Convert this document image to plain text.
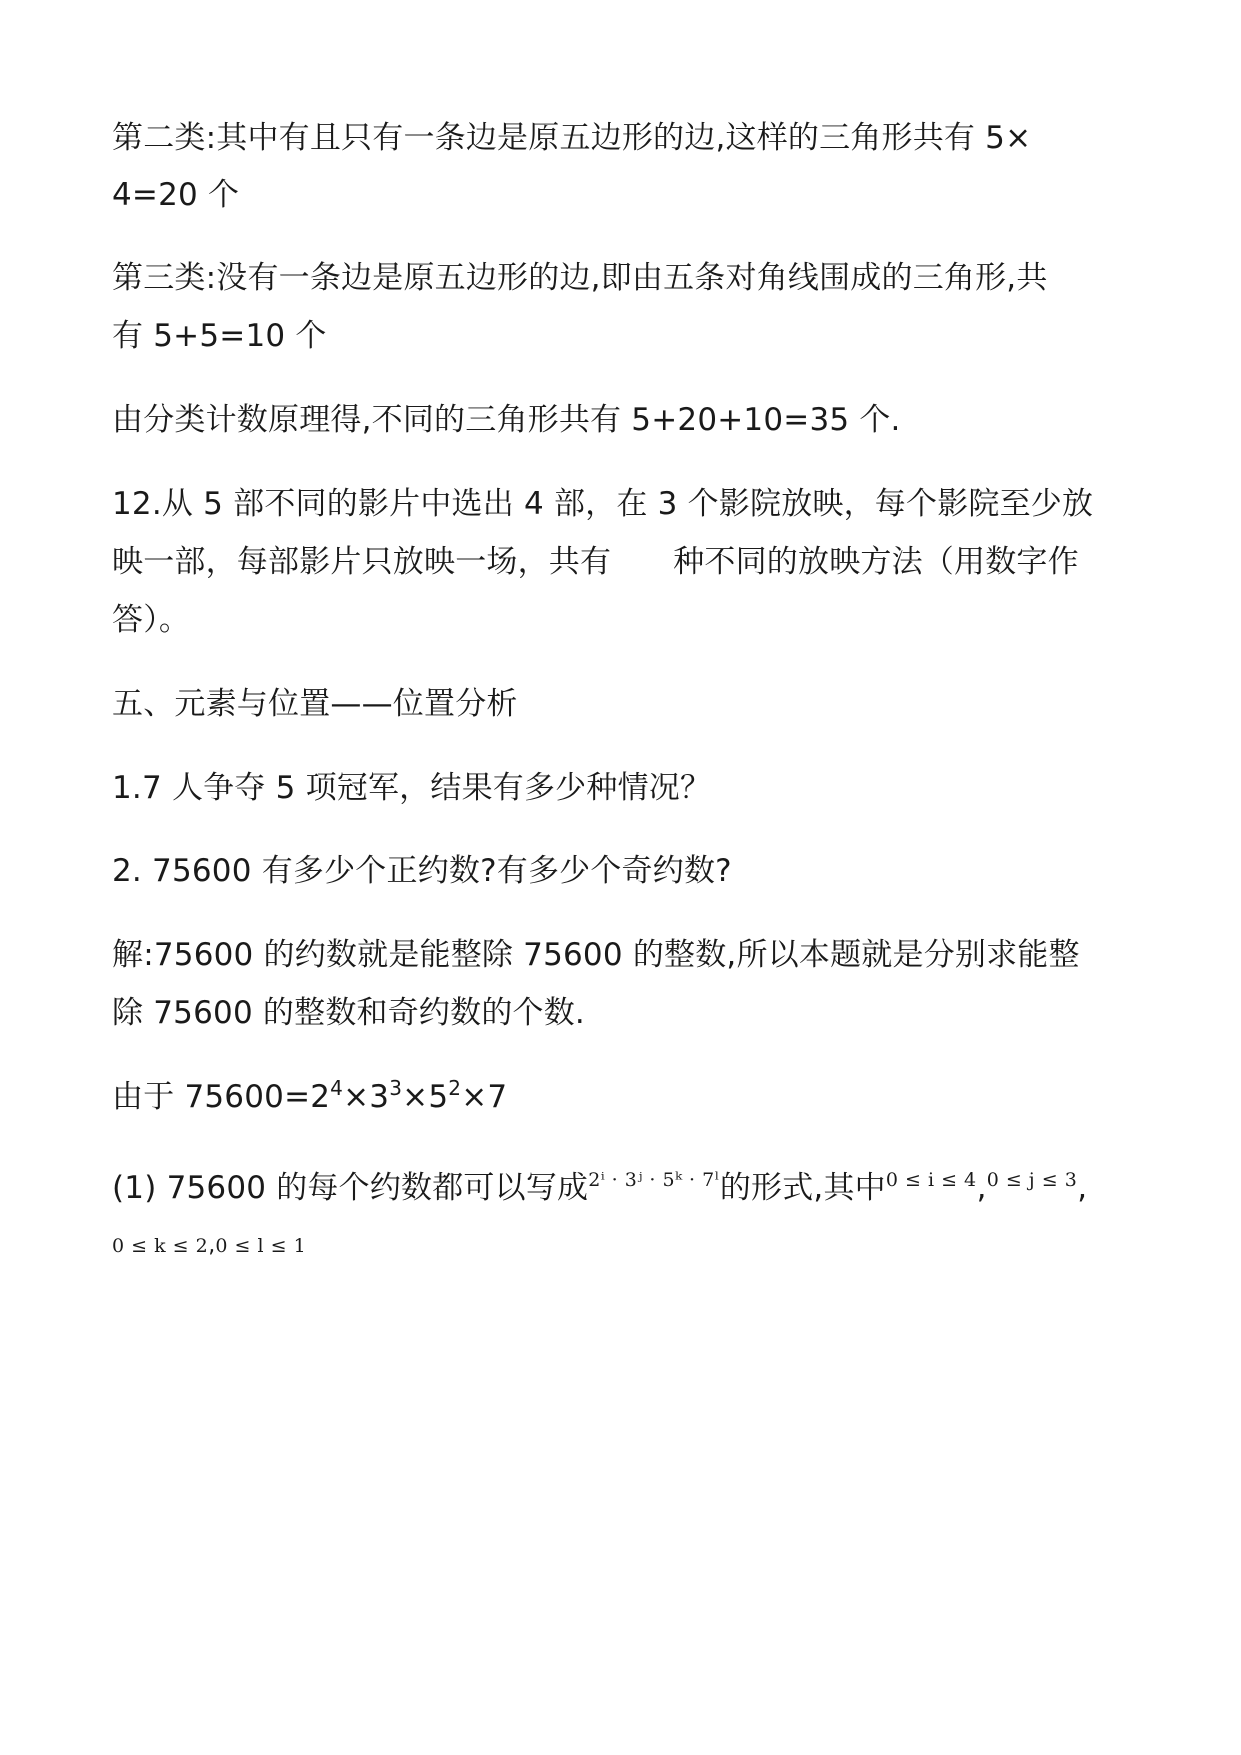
第二类:其中有且只有一条边是原五边形的边,这样的三角形共有 5×
4=20 个
第三类:没有一条边是原五边形的边,即由五条对角线围成的三角形,共
有 5+5=10 个
由分类计数原理得,不同的三角形共有 5+20+10=35 个.
12.从 5 部不同的影片中选出 4 部，在 3 个影院放映，每个影院至少放
映一部，每部影片只放映一场，共有 种不同的放映方法（用数字作
答）。
五、元素与位置——位置分析
1.7 人争夺 5 项冠军，结果有多少种情况？
2. 75600 有多少个正约数?有多少个奇约数?
解:75600 的约数就是能整除 75600 的整数,所以本题就是分别求能整
除 75600 的整数和奇约数的个数.
由于 $75600=2^4\times 3^3\times 5^2\times 7$
(1) 75600 的每个约数都可以写成$^{2^i \cdot 3ʲ \cdot 5ᵏ \cdot 7ˡ}$的形式,其中$^{0 \le i \le 4}$,$^{0 \le j \le 3}$,
0 ≤ k ≤ 2,0 ≤ l ≤ 1
